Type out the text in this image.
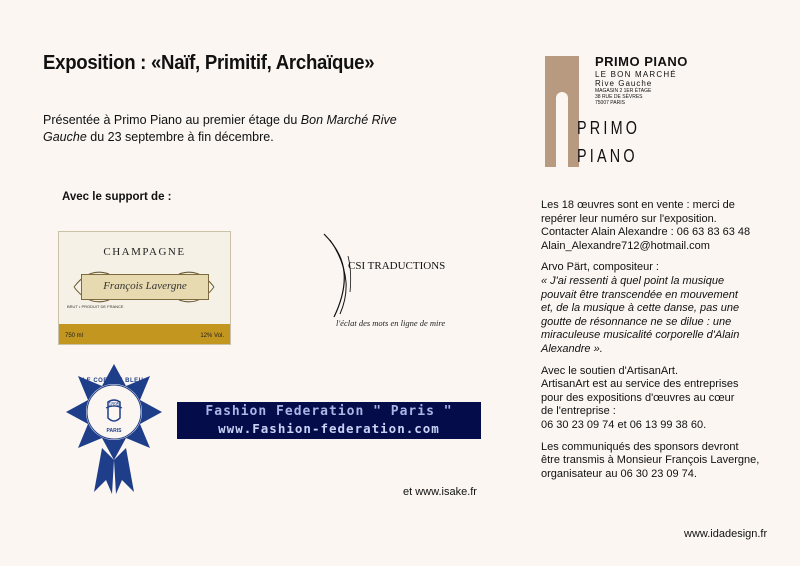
Exposition : «Naïf, Primitif, Archaïque»
Présentée à Primo Piano au premier étage du Bon Marché Rive Gauche du 23 septembre à fin décembre.
Avec le support de :
PRIMO PIANO
LE BON MARCHÉ
Rive Gauche
MAGASIN 2 1ER ÉTAGE
38 RUE DE SÈVRES
75007 PARIS
PRIMO
PIANO

Les 18 œuvres sont en vente : merci de
repérer leur numéro sur l'exposition.
Contacter Alain Alexandre : 06 63 83 63 48
Alain_Alexandre712@hotmail.com

Arvo Pärt, compositeur :
« J'ai ressenti à quel point la musique
pouvait être transcendée en mouvement
et, de la musique à cette danse, pas une
goutte de résonnance ne se dilue : une
miraculeuse musicalité corporelle d'Alain
Alexandre ».

Avec le soutien d'ArtisanArt.
ArtisanArt est au service des entreprises
pour des expositions d'œuvres au cœur
de l'entreprise :
06 30 23 09 74 et 06 13 99 38 60.

Les communiqués des sponsors devront
être transmis à Monsieur François Lavergne,
organisateur au 06 30 23 09 74.

CHAMPAGNE
François Lavergne
BRUT • PRODUIT DE FRANCE
750 ml	12% Vol.
CSI TRADUCTIONS
l'éclat des mots en ligne de mire
LE CORDON BLEU
1895
PARIS
Fashion Federation " Paris "
www.Fashion-federation.com
et www.isake.fr
www.idadesign.fr
